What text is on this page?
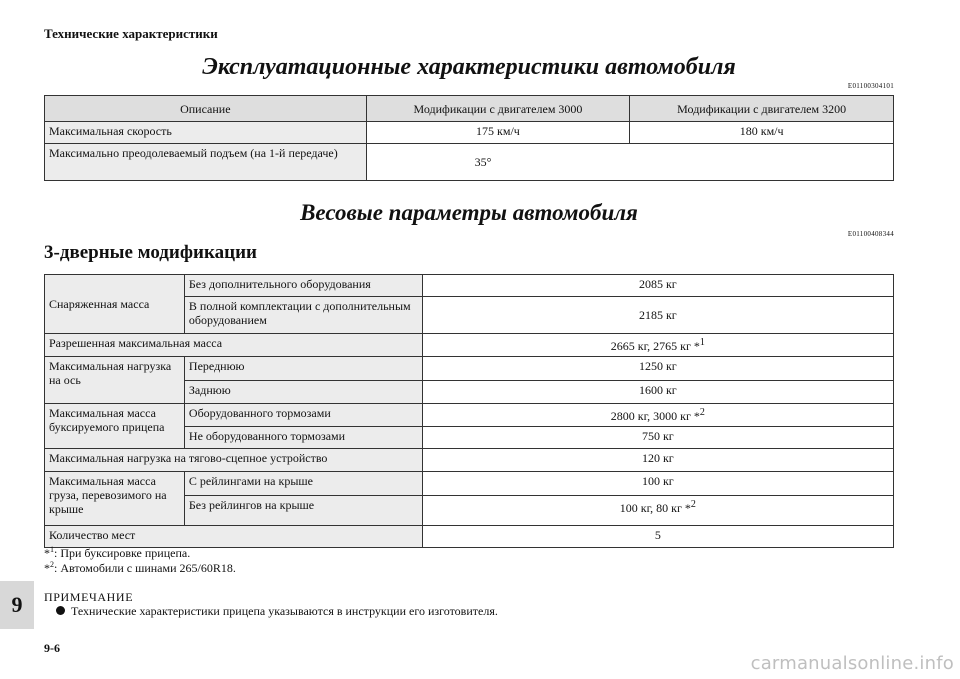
Технические характеристики
Эксплуатационные характеристики автомобиля
E01100304101
Описание	Модификации с двигателем 3000	Модификации с двигателем 3200
Максимальная скорость	175 км/ч	180 км/ч
Максимально преодолеваемый подъем (на 1-й передаче)	35°	
Весовые параметры автомобиля
E01100408344
3-дверные модификации
Снаряженная масса	Без дополнительного оборудования	2085 кг
	В полной комплектации с дополнительным оборудованием	2185 кг
Разрешенная максимальная масса		2665 кг, 2765 кг *$^1$
Максимальная нагрузка на ось	Переднюю	1250 кг
	Заднюю	1600 кг
Максимальная масса буксируемого прицепа	Оборудованного тормозами	2800 кг, 3000 кг *$^2$
	Не оборудованного тормозами	750 кг
Максимальная нагрузка на тягово-сцепное устройство		120 кг
Максимальная масса груза, перевозимого на крыше	С рейлингами на крыше	100 кг
	Без рейлингов на крыше	100 кг, 80 кг *$^2$
Количество мест		5
*$^1$: При буксировке прицепа.
*$^2$: Автомобили с шинами 265/60R18.
ПРИМЕЧАНИЕ
Технические характеристики прицепа указываются в инструкции его изготовителя.
9
9-6
carmanualsonline.info
